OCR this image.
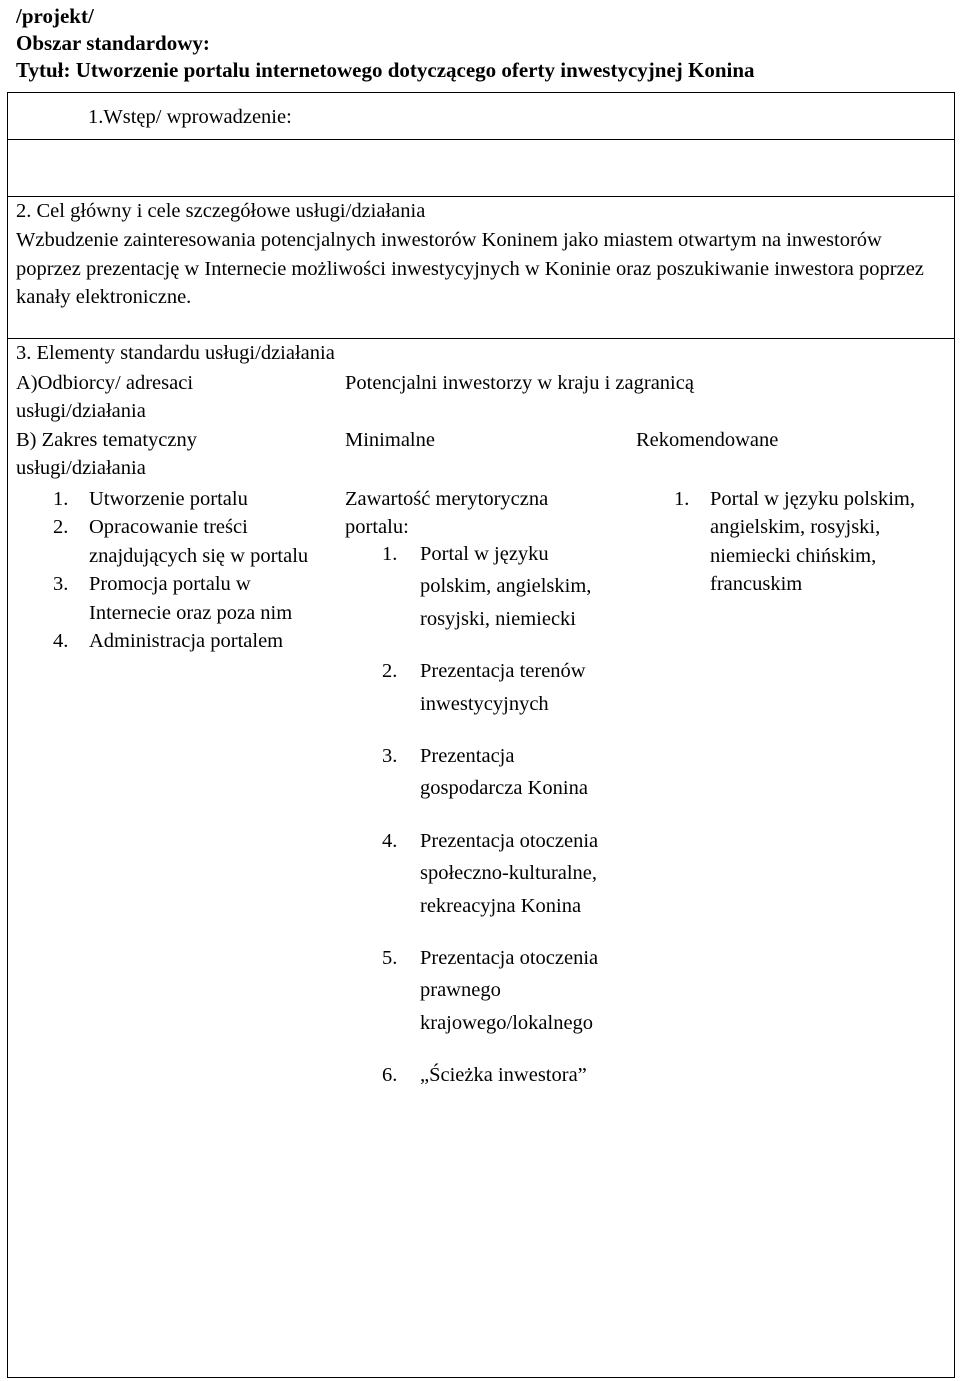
/projekt/
Obszar standardowy:
Tytuł: Utworzenie portalu internetowego dotyczącego oferty inwestycyjnej Konina
1.Wstęp/ wprowadzenie:
2. Cel główny i cele szczegółowe usługi/działania
Wzbudzenie zainteresowania potencjalnych inwestorów Koninem jako miastem otwartym na inwestorów poprzez prezentację w Internecie możliwości inwestycyjnych w Koninie oraz poszukiwanie inwestora poprzez kanały elektroniczne.
3. Elementy standardu usługi/działania
A)Odbiorcy/ adresaci
usługi/działania
Potencjalni inwestorzy w kraju i zagranicą
B) Zakres tematyczny
usługi/działania
Minimalne	Rekomendowane
1. Utworzenie portalu
2. Opracowanie treści znajdujących się w portalu
3. Promocja portalu w Internecie oraz poza nim
4. Administracja portalem
Zawartość merytoryczna
portalu:
1. Portal w języku polskim, angielskim, rosyjski, niemiecki
2. Prezentacja terenów inwestycyjnych
3. Prezentacja gospodarcza Konina
4. Prezentacja otoczenia społeczno-kulturalne, rekreacyjna Konina
5. Prezentacja otoczenia prawnego krajowego/lokalnego
6. „Ścieżka inwestora”
1. Portal w języku polskim, angielskim, rosyjski, niemiecki chińskim, francuskim
